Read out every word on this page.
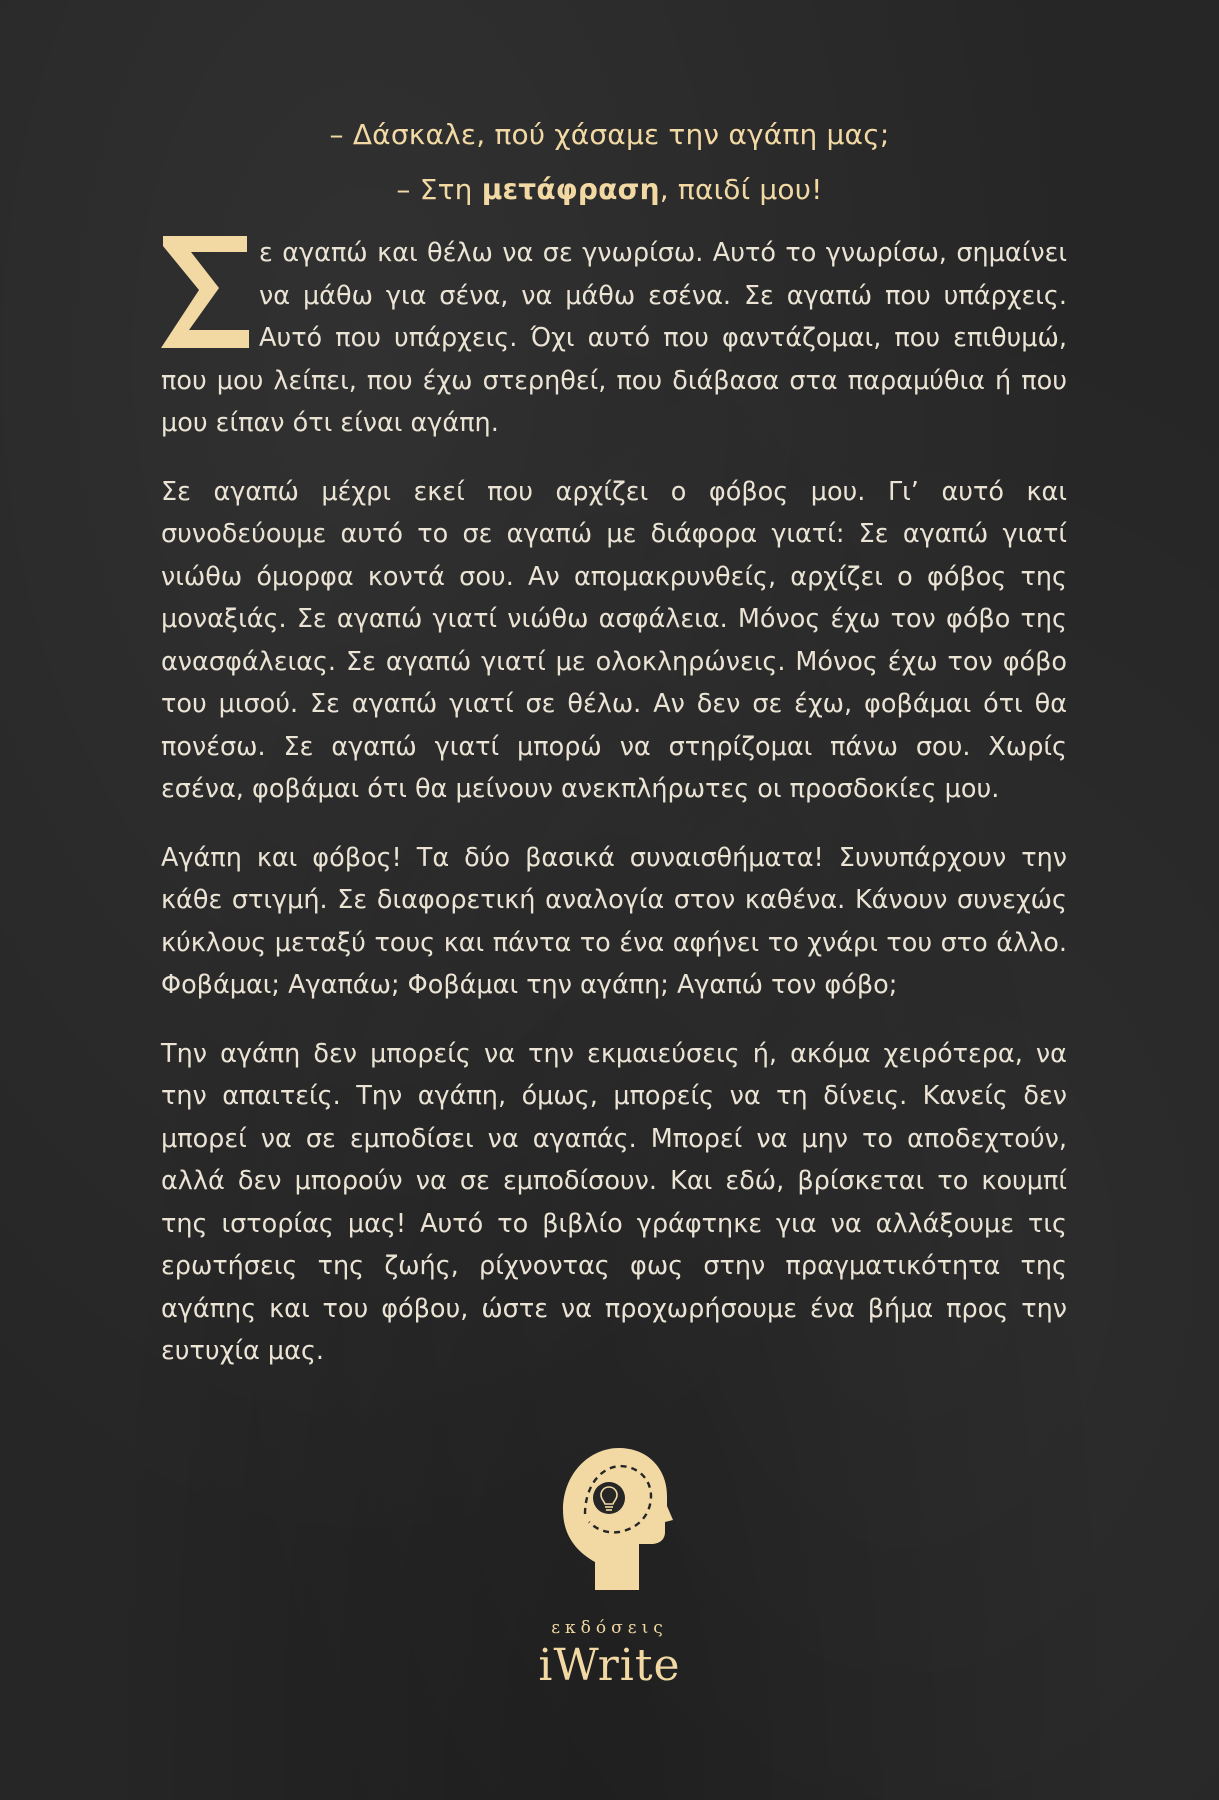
– Δάσκαλε, πού χάσαμε την αγάπη μας;
– Στη μετάφραση, παιδί μου!

ε αγαπώ και θέλω να σε γνωρίσω. Αυτό το γνωρίσω, σημαίνει να μάθω για σένα, να μάθω εσένα. Σε αγαπώ που υπάρχεις. Αυτό που υπάρχεις. Όχι αυτό που φαντάζομαι, που επιθυμώ, που μου λείπει, που έχω στερηθεί, που διάβασα στα παραμύθια ή που μου είπαν ότι είναι αγάπη.

Σε αγαπώ μέχρι εκεί που αρχίζει ο φόβος μου. Γι’ αυτό και συνοδεύουμε αυτό το σε αγαπώ με διάφορα γιατί: Σε αγαπώ γιατί νιώθω όμορφα κοντά σου. Αν απομακρυνθείς, αρχίζει ο φόβος της μοναξιάς. Σε αγαπώ γιατί νιώθω ασφάλεια. Μόνος έχω τον φόβο της ανασφάλειας. Σε αγαπώ γιατί με ολοκληρώνεις. Μόνος έχω τον φόβο του μισού. Σε αγαπώ γιατί σε θέλω. Αν δεν σε έχω, φοβάμαι ότι θα πονέσω. Σε αγαπώ γιατί μπορώ να στηρίζομαι πάνω σου. Χωρίς εσένα, φοβάμαι ότι θα μείνουν ανεκπλήρωτες οι προσδοκίες μου.

Αγάπη και φόβος! Τα δύο βασικά συναισθήματα! Συνυπάρχουν την κάθε στιγμή. Σε διαφορετική αναλογία στον καθένα. Κάνουν συνεχώς κύκλους μεταξύ τους και πάντα το ένα αφήνει το χνάρι του στο άλλο. Φοβάμαι; Αγαπάω; Φοβάμαι την αγάπη; Αγαπώ τον φόβο;

Την αγάπη δεν μπορείς να την εκμαιεύσεις ή, ακόμα χειρότερα, να την απαιτείς. Την αγάπη, όμως, μπορείς να τη δίνεις. Κανείς δεν μπορεί να σε εμποδίσει να αγαπάς. Μπορεί να μην το αποδεχτούν, αλλά δεν μπορούν να σε εμποδίσουν. Και εδώ, βρίσκεται το κουμπί της ιστορίας μας! Αυτό το βιβλίο γράφτηκε για να αλλάξουμε τις ερωτήσεις της ζωής, ρίχνοντας φως στην πραγματικότητα της αγάπης και του φόβου, ώστε να προχωρήσουμε ένα βήμα προς την ευτυχία μας.

εκδόσεις
iWrite
